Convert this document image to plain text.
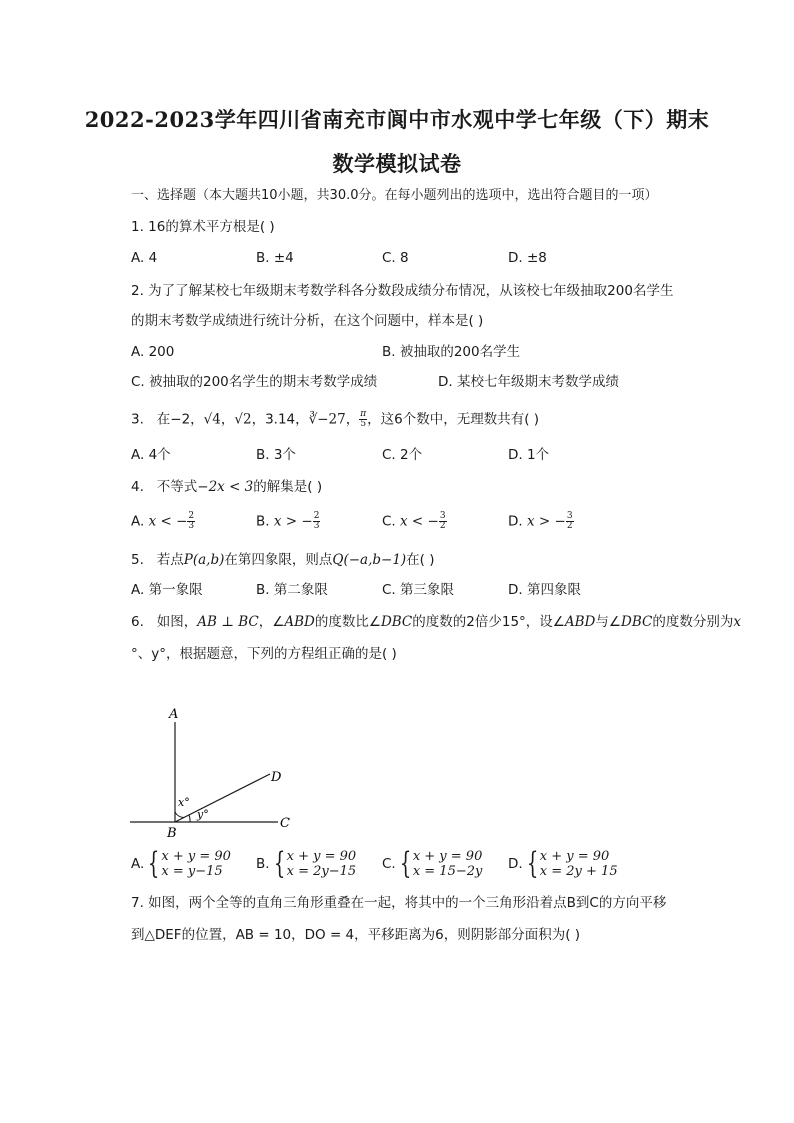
2022-2023学年四川省南充市阆中市水观中学七年级（下）期末
数学模拟试卷
一、选择题（本大题共10小题，共30.0分。在每小题列出的选项中，选出符合题目的一项）
1. 16的算术平方根是( )
A. 4	B. ±4	C. 8	D. ±8
2. 为了了解某校七年级期末考数学科各分数段成绩分布情况，从该校七年级抽取200名学生
的期末考数学成绩进行统计分析，在这个问题中，样本是( )
A. 200	B. 被抽取的200名学生
C. 被抽取的200名学生的期末考数学成绩	D. 某校七年级期末考数学成绩
3. 在−2，√4，√2，3.14，∛−27， $\frac{\pi}{5}$ ，这6个数中，无理数共有( )
A. 4个	B. 3个	C. 2个	D. 1个
4. 不等式−2x < 3的解集是( )
A. x < − $\frac{2}{3}$	B. x > − $\frac{2}{3}$	C. x < − $\frac{3}{2}$	D. x > − $\frac{3}{2}$
5. 若点P(a,b)在第四象限，则点Q(−a,b−1)在( )
A. 第一象限	B. 第二象限	C. 第三象限	D. 第四象限
6. 如图，AB ⊥ BC，∠ABD的度数比∠DBC的度数的2倍少15°，设∠ABD与∠DBC的度数分别为x
°、y°，根据题意，下列的方程组正确的是( )
A
B
C
D
x°
y°
A. { x + y = 90
x = y−15	B. { x + y = 90
x = 2y−15 C. { x + y = 90
x = 15−2y D. { x + y = 90
x = 2y + 15
7. 如图，两个全等的直角三角形重叠在一起，将其中的一个三角形沿着点B到C的方向平移
到△DEF的位置，AB = 10，DO = 4，平移距离为6，则阴影部分面积为( )
